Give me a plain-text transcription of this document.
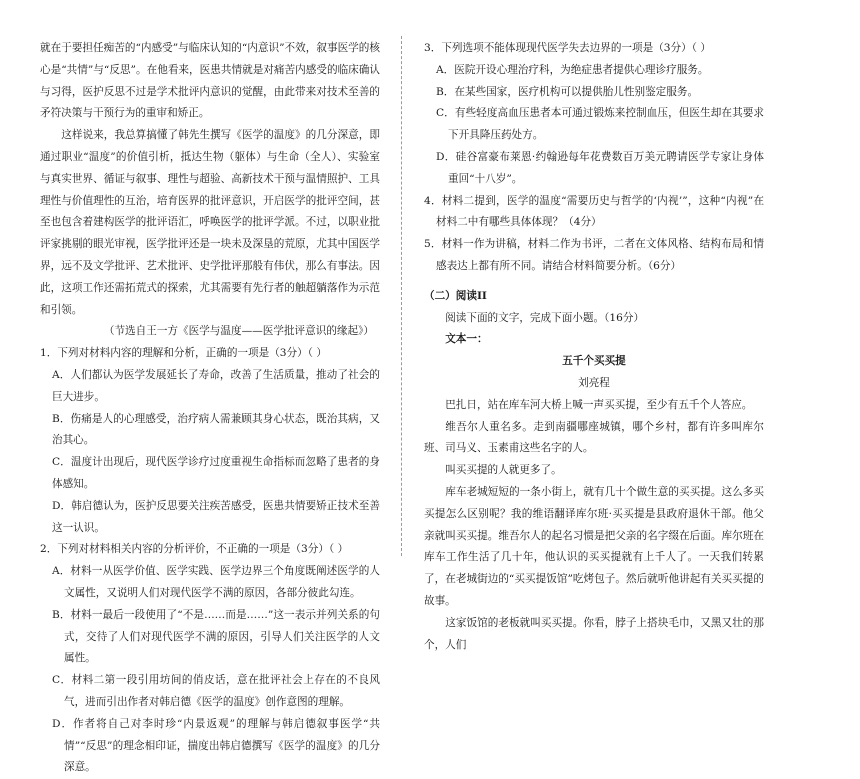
就在于要担任痴苦的“内感受”与临床认知的“内意识”不效，叙事医学的核心是“共情”与“反思”。在他看来，医患共情就是对痛苦内感受的临床确认与习得，医护反思不过是学术批评内意识的觉醒，由此带来对技术至善的矛符决策与干预行为的重审和矫正。

这样说来，我总算搞懂了韩先生撰写《医学的温度》的几分深意，即通过职业“温度”的价值引析，抵达生物（躯体）与生命（全人）、实验室与真实世界、循证与叙事、理性与超验、高新技术干预与温情照护、工具理性与价值理性的互治，培育医界的批评意识，开启医学的批评空间，甚至也包含着建构医学的批评语汇，呼唤医学的批评学派。不过，以职业批评家挑剔的眼光审视，医学批评还是一块未及深垦的荒原，尤其中国医学界，远不及文学批评、艺术批评、史学批评那般有伟伏，那么有事法。因此，这项工作还需拓荒式的探索，尤其需要有先行者的触超躺落作为示范和引领。

（节选自王一方《医学与温度——医学批评意识的缘起》）

1．下列对材料内容的理解和分析，正确的一项是（3分）（ ）

A．人们都认为医学发展延长了寿命，改善了生活质量，推动了社会的巨大进步。

B．伤痛是人的心理感受，治疗病人需兼顾其身心状态，既治其病，又治其心。

C．温度计出现后，现代医学诊疗过度重视生命指标而忽略了患者的身体感知。

D．韩启德认为，医护反思要关注疾苦感受，医患共情要矫正技术至善这一认识。

2．下列对材料相关内容的分析评价，不正确的一项是（3分）（ ）

A．材料一从医学价值、医学实践、医学边界三个角度既阐述医学的人文属性，又说明人们对现代医学不满的原因，各部分彼此勾连。

B．材料一最后一段使用了“不是……而是……”这一表示并列关系的句式，交待了人们对现代医学不满的原因，引导人们关注医学的人文属性。

C．材料二第一段引用坊间的俏皮话，意在批评社会上存在的不良风气，进而引出作者对韩启德《医学的温度》创作意图的理解。

D．作者将自己对李时珍“内景返观”的理解与韩启德叙事医学“共情”“反思”的理念相印证，揣度出韩启德撰写《医学的温度》的几分深意。

3．下列选项不能体现现代医学失去边界的一项是（3分）（ ）

A．医院开设心理治疗科，为绝症患者提供心理诊疗服务。

B．在某些国家，医疗机构可以提供胎儿性别鉴定服务。

C．有些轻度高血压患者本可通过锻炼来控制血压，但医生却在其要求下开具降压药处方。

D．硅谷富豪布莱恩·约翰逊每年花费数百万美元聘请医学专家让身体重回“十八岁”。

4．材料二提到，医学的温度“需要历史与哲学的‘内视’”，这种“内视”在材料二中有哪些具体体现？（4分）

5．材料一作为讲稿，材料二作为书评，二者在文体风格、结构布局和情感表达上都有所不同。请结合材料简要分析。（6分）

（二）阅读II

阅读下面的文字，完成下面小题。（16分）

文本一：

五千个买买提

刘亮程

巴扎日，站在库车河大桥上喊一声买买提，至少有五千个人答应。

维吾尔人重名多。走到南疆哪座城镇，哪个乡村，都有许多叫库尔班、司马义、玉素甫这些名字的人。

叫买买提的人就更多了。

库车老城短短的一条小街上，就有几十个做生意的买买提。这么多买买提怎么区别呢？我的维语翻译库尔班·买买提是县政府退休干部。他父亲就叫买买提。维吾尔人的起名习惯是把父亲的名字缀在后面。库尔班在库车工作生活了几十年，他认识的买买提就有上千人了。一天我们转累了，在老城街边的“买买提饭馆”吃烤包子。然后就听他讲起有关买买提的故事。

这家饭馆的老板就叫买买提。你看，脖子上搭块毛巾，又黑又壮的那个，人们
